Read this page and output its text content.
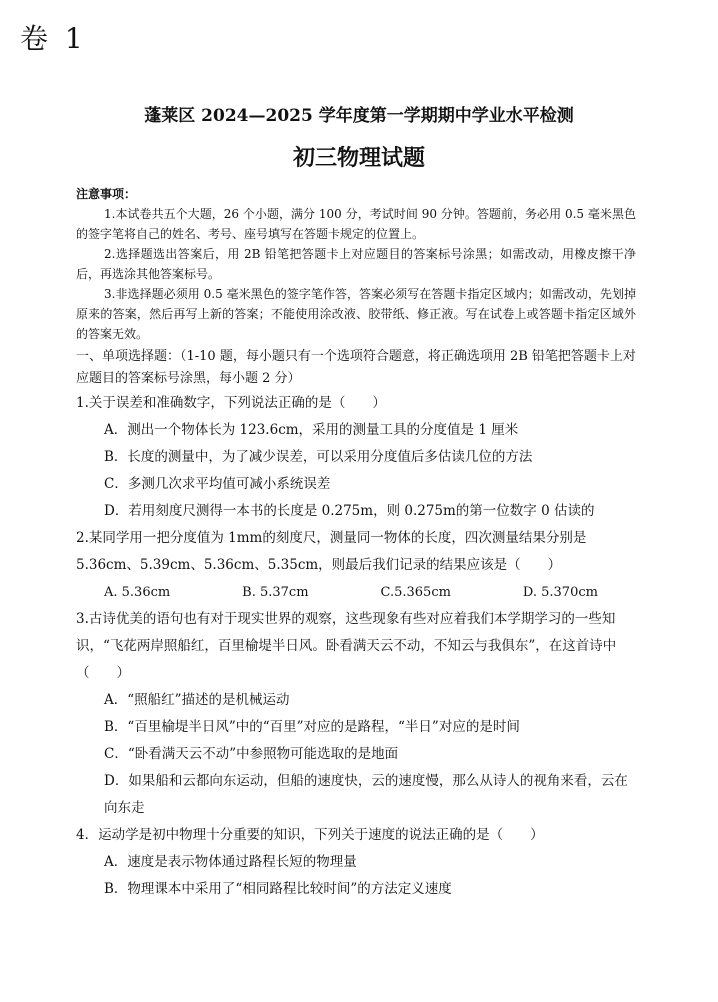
卷 1
蓬莱区 2024—2025 学年度第一学期期中学业水平检测
初三物理试题

注意事项：

1.本试卷共五个大题，26 个小题，满分 100 分，考试时间 90 分钟。答题前，务必用 0.5 毫米黑色的签字笔将自己的姓名、考号、座号填写在答题卡规定的位置上。

2.选择题选出答案后，用 2B 铅笔把答题卡上对应题目的答案标号涂黑；如需改动，用橡皮擦干净后，再选涂其他答案标号。

3.非选择题必须用 0.5 毫米黑色的签字笔作答，答案必须写在答题卡指定区域内；如需改动，先划掉原来的答案，然后再写上新的答案；不能使用涂改液、胶带纸、修正液。写在试卷上或答题卡指定区域外的答案无效。

一、单项选择题：（1-10 题，每小题只有一个选项符合题意，将正确选项用 2B 铅笔把答题卡上对应题目的答案标号涂黑，每小题 2 分）

1.关于误差和准确数字，下列说法正确的是（　　）

A．测出一个物体长为 123.6cm，采用的测量工具的分度值是 1 厘米

B．长度的测量中，为了减少误差，可以采用分度值后多估读几位的方法

C．多测几次求平均值可减小系统误差

D．若用刻度尺测得一本书的长度是 0.275m，则 0.275m的第一位数字 0 估读的

2.某同学用一把分度值为 1mm的刻度尺，测量同一物体的长度，四次测量结果分别是

5.36cm、5.39cm、5.36cm、5.35cm，则最后我们记录的结果应该是（　　）

A. 5.36cm	B. 5.37cm	C.5.365cm	D. 5.370cm

3.古诗优美的语句也有对于现实世界的观察，这些现象有些对应着我们本学期学习的一些知识，“飞花两岸照船红，百里榆堤半日风。卧看满天云不动，不知云与我俱东”，在这首诗中（　　）

A．“照船红”描述的是机械运动

B．“百里榆堤半日风”中的“百里”对应的是路程，“半日”对应的是时间

C．“卧看满天云不动”中参照物可能选取的是地面

D．如果船和云都向东运动，但船的速度快，云的速度慢，那么从诗人的视角来看，云在向东走

4．运动学是初中物理十分重要的知识，下列关于速度的说法正确的是（　　）

A．速度是表示物体通过路程长短的物理量

B．物理课本中采用了“相同路程比较时间”的方法定义速度
